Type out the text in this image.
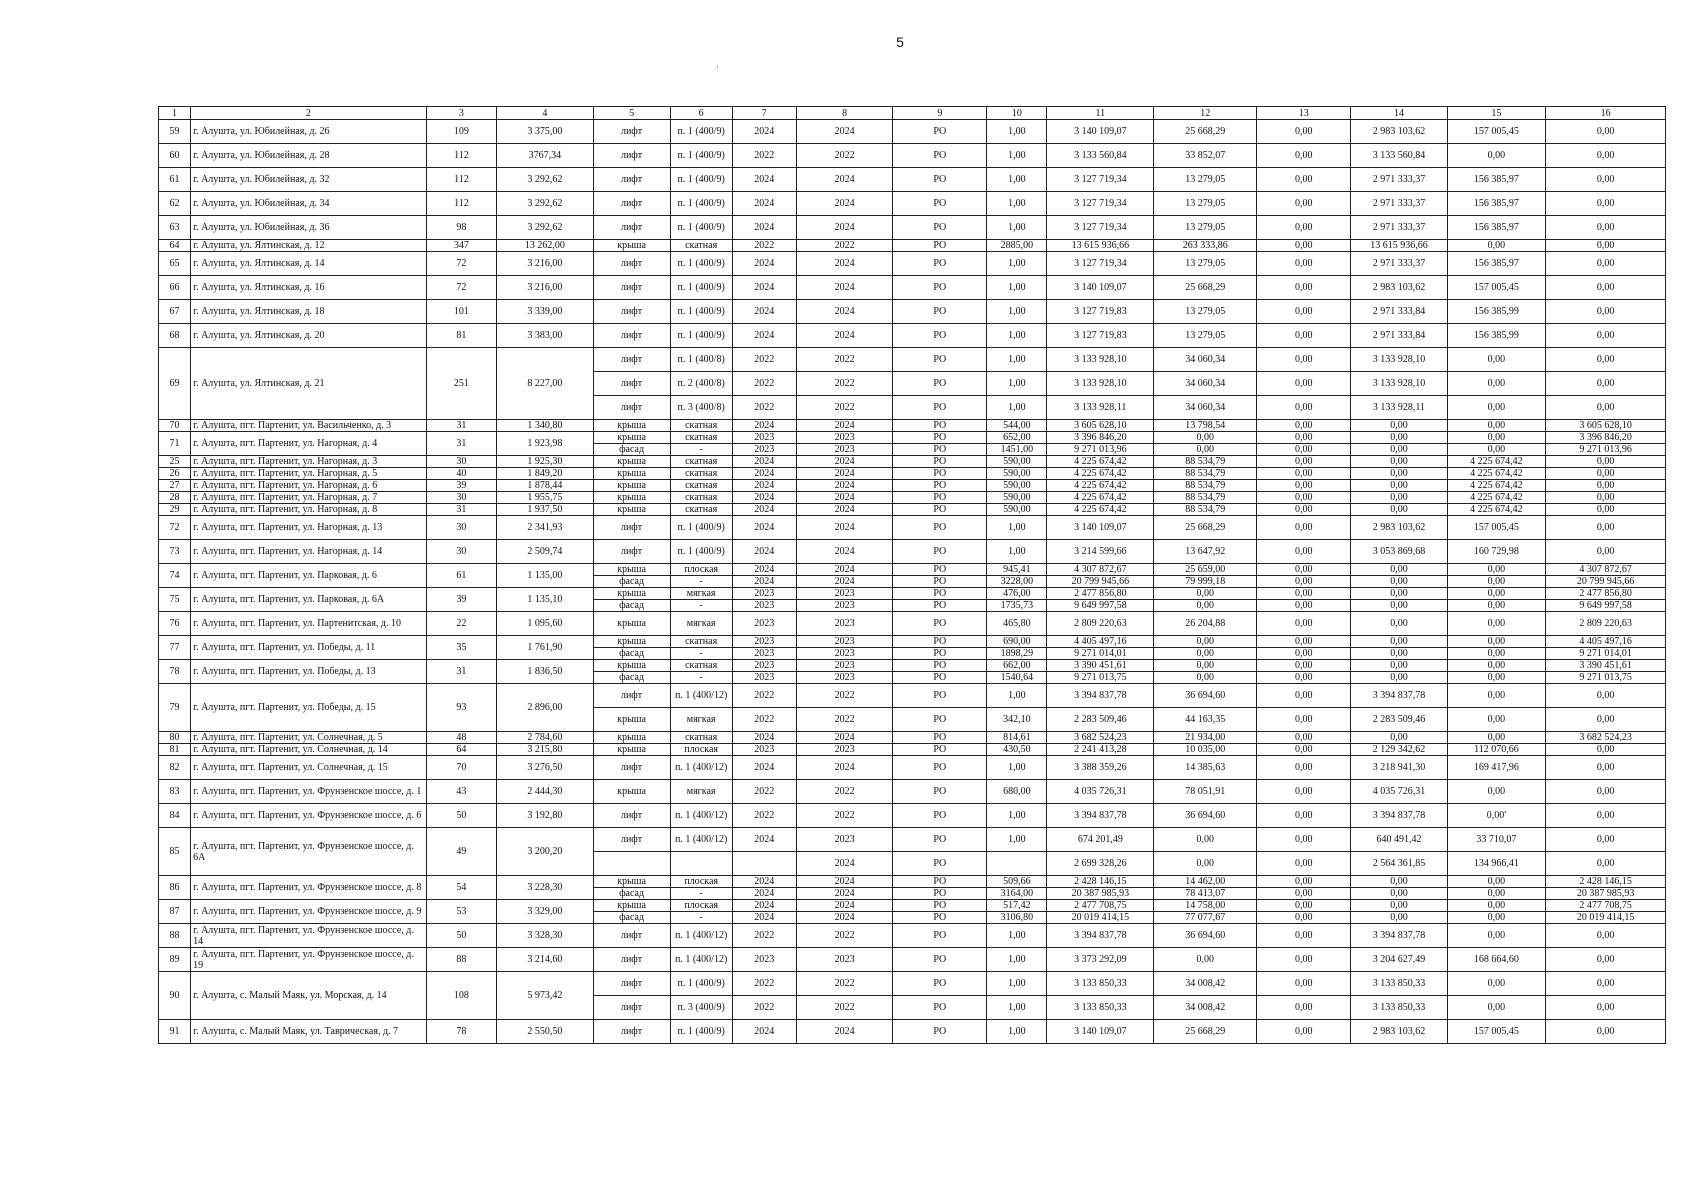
5
·
1	2	3	4	5	6	7	8	9	10	11	12	13	14	15	16
59	г. Алушта, ул. Юбилейная, д. 26	109	3 375,00	лифт	п. 1 (400/9)	2024	2024	РО	1,00	3 140 109,07	25 668,29	0,00	2 983 103,62	157 005,45	0,00
60	г. Алушта, ул. Юбилейная, д. 28	112	3767,34	лифт	п. 1 (400/9)	2022	2022	РО	1,00	3 133 560,84	33 852,07	0,00	3 133 560,84	0,00	0,00
61	г. Алушта, ул. Юбилейная, д. 32	112	3 292,62	лифт	п. 1 (400/9)	2024	2024	РО	1,00	3 127 719,34	13 279,05	0,00	2 971 333,37	156 385,97	0,00
62	г. Алушта, ул. Юбилейная, д. 34	112	3 292,62	лифт	п. 1 (400/9)	2024	2024	РО	1,00	3 127 719,34	13 279,05	0,00	2 971 333,37	156 385,97	0,00
63	г. Алушта, ул. Юбилейная, д. 36	98	3 292,62	лифт	п. 1 (400/9)	2024	2024	РО	1,00	3 127 719,34	13 279,05	0,00	2 971 333,37	156 385,97	0,00
64	г. Алушта, ул. Ялтинская, д. 12	347	13 262,00	крыша	скатная	2022	2022	РО	2885,00	13 615 936,66	263 333,86	0,00	13 615 936,66	0,00	0,00
65	г. Алушта, ул. Ялтинская, д. 14	72	3 216,00	лифт	п. 1 (400/9)	2024	2024	РО	1,00	3 127 719,34	13 279,05	0,00	2 971 333,37	156 385,97	0,00
66	г. Алушта, ул. Ялтинская, д. 16	72	3 216,00	лифт	п. 1 (400/9)	2024	2024	РО	1,00	3 140 109,07	25 668,29	0,00	2 983 103,62	157 005,45	0,00
67	г. Алушта, ул. Ялтинская, д. 18	101	3 339,00	лифт	п. 1 (400/9)	2024	2024	РО	1,00	3 127 719,83	13 279,05	0,00	2 971 333,84	156 385,99	0,00
68	г. Алушта, ул. Ялтинская, д. 20	81	3 383,00	лифт	п. 1 (400/9)	2024	2024	РО	1,00	3 127 719,83	13 279,05	0,00	2 971 333,84	156 385,99	0,00
69	г. Алушта, ул. Ялтинская, д. 21	251	8 227,00	лифт	п. 1 (400/8)	2022	2022	РО	1,00	3 133 928,10	34 060,34	0,00	3 133 928,10	0,00	0,00
				лифт	п. 2 (400/8)	2022	2022	РО	1,00	3 133 928,10	34 060,34	0,00	3 133 928,10	0,00	0,00
				лифт	п. 3 (400/8)	2022	2022	РО	1,00	3 133 928,11	34 060,34	0,00	3 133 928,11	0,00	0,00
70	г. Алушта, пгт. Партенит, ул. Васильченко, д. 3	31	1 340,80	крыша	скатная	2024	2024	РО	544,00	3 605 628,10	13 798,54	0,00	0,00	0,00	3 605 628,10
71	г. Алушта, пгт. Партенит, ул. Нагорная, д. 4	31	1 923,98	крыша	скатная	2023	2023	РО	652,00	3 396 846,20	0,00	0,00	0,00	0,00	3 396 846,20
				фасад	-	2023	2023	РО	1451,00	9 271 013,96	0,00	0,00	0,00	0,00	9 271 013,96
25	г. Алушта, пгт. Партенит, ул. Нагорная, д. 3	30	1 925,30	крыша	скатная	2024	2024	РО	590,00	4 225 674,42	88 534,79	0,00	0,00	4 225 674,42	0,00
26	г. Алушта, пгт. Партенит, ул. Нагорная, д. 5	40	1 849,20	крыша	скатная	2024	2024	РО	590,00	4 225 674,42	88 534,79	0,00	0,00	4 225 674,42	0,00
27	г. Алушта, пгт. Партенит, ул. Нагорная, д. 6	39	1 878,44	крыша	скатная	2024	2024	РО	590,00	4 225 674,42	88 534,79	0,00	0,00	4 225 674,42	0,00
28	г. Алушта, пгт. Партенит, ул. Нагорная, д. 7	30	1 955,75	крыша	скатная	2024	2024	РО	590,00	4 225 674,42	88 534,79	0,00	0,00	4 225 674,42	0,00
29	г. Алушта, пгт. Партенит, ул. Нагорная, д. 8	31	1 937,50	крыша	скатная	2024	2024	РО	590,00	4 225 674,42	88 534,79	0,00	0,00	4 225 674,42	0,00
72	г. Алушта, пгт. Партенит, ул. Нагорная, д. 13	30	2 341,93	лифт	п. 1 (400/9)	2024	2024	РО	1,00	3 140 109,07	25 668,29	0,00	2 983 103,62	157 005,45	0,00
73	г. Алушта, пгт. Партенит, ул. Нагорная, д. 14	30	2 509,74	лифт	п. 1 (400/9)	2024	2024	РО	1,00	3 214 599,66	13 647,92	0,00	3 053 869,68	160 729,98	0,00
74	г. Алушта, пгт. Партенит, ул. Парковая, д. 6	61	1 135,00	крыша	плоская	2024	2024	РО	945,41	4 307 872,67	25 659,00	0,00	0,00	0,00	4 307 872,67
				фасад	-	2024	2024	РО	3228,00	20 799 945,66	79 999,18	0,00	0,00	0,00	20 799 945,66
75	г. Алушта, пгт. Партенит, ул. Парковая, д. 6А	39	1 135,10	крыша	мягкая	2023	2023	РО	476,00	2 477 856,80	0,00	0,00	0,00	0,00	2 477 856,80
				фасад	-	2023	2023	РО	1735,73	9 649 997,58	0,00	0,00	0,00	0,00	9 649 997,58
76	г. Алушта, пгт. Партенит, ул. Партенитская, д. 10	22	1 095,60	крыша	мягкая	2023	2023	РО	465,80	2 809 220,63	26 204,88	0,00	0,00	0,00	2 809 220,63
77	г. Алушта, пгт. Партенит, ул. Победы, д. 11	35	1 761,90	крыша	скатная	2023	2023	РО	690,00	4 405 497,16	0,00	0,00	0,00	0,00	4 405 497,16
				фасад	-	2023	2023	РО	1898,29	9 271 014,01	0,00	0,00	0,00	0,00	9 271 014,01
78	г. Алушта, пгт. Партенит, ул. Победы, д. 13	31	1 836,50	крыша	скатная	2023	2023	РО	662,00	3 390 451,61	0,00	0,00	0,00	0,00	3 390 451,61
				фасад	-	2023	2023	РО	1540,64	9 271 013,75	0,00	0,00	0,00	0,00	9 271 013,75
79	г. Алушта, пгт. Партенит, ул. Победы, д. 15	93	2 896,00	лифт	п. 1 (400/12)	2022	2022	РО	1,00	3 394 837,78	36 694,60	0,00	3 394 837,78	0,00	0,00
				крыша	мягкая	2022	2022	РО	342,10	2 283 509,46	44 163,35	0,00	2 283 509,46	0,00	0,00
80	г. Алушта, пгт. Партенит, ул. Солнечная, д. 5	48	2 784,60	крыша	скатная	2024	2024	РО	814,61	3 682 524,23	21 934,00	0,00	0,00	0,00	3 682 524,23
81	г. Алушта, пгт. Партенит, ул. Солнечная, д. 14	64	3 215,80	крыша	плоская	2023	2023	РО	430,50	2 241 413,28	10 035,00	0,00	2 129 342,62	112 070,66	0,00
82	г. Алушта, пгт. Партенит, ул. Солнечная, д. 15	70	3 276,50	лифт	п. 1 (400/12)	2024	2024	РО	1,00	3 388 359,26	14 385,63	0,00	3 218 941,30	169 417,96	0,00
83	г. Алушта, пгт. Партенит, ул. Фрунзенское шоссе, д. 1	43	2 444,30	крыша	мягкая	2022	2022	РО	680,00	4 035 726,31	78 051,91	0,00	4 035 726,31	0,00	0,00
84	г. Алушта, пгт. Партенит, ул. Фрунзенское шоссе, д. 6	50	3 192,80	лифт	п. 1 (400/12)	2022	2022	РО	1,00	3 394 837,78	36 694,60	0,00	3 394 837,78	0,00'	0,00
85	г. Алушта, пгт. Партенит, ул. Фрунзенское шоссе, д. 6А	49	3 200,20	лифт	п. 1 (400/12)	2024	2023	РО	1,00	674 201,49	0,00	0,00	640 491,42	33 710,07	0,00
							2024	РО		2 699 328,26	0,00	0,00	2 564 361,85	134 966,41	0,00
86	г. Алушта, пгт. Партенит, ул. Фрунзенское шоссе, д. 8	54	3 228,30	крыша	плоская	2024	2024	РО	509,66	2 428 146,15	14 462,00	0,00	0,00	0,00	2 428 146,15
				фасад	-	2024	2024	РО	3164,00	20 387 985,93	78 413,07	0,00	0,00	0,00	20 387 985,93
87	г. Алушта, пгт. Партенит, ул. Фрунзенское шоссе, д. 9	53	3 329,00	крыша	плоская	2024	2024	РО	517,42	2 477 708,75	14 758,00	0,00	0,00	0,00	2 477 708,75
				фасад	-	2024	2024	РО	3106,80	20 019 414,15	77 077,67	0,00	0,00	0,00	20 019 414,15
88	г. Алушта, пгт. Партенит, ул. Фрунзенское шоссе, д. 14	50	3 328,30	лифт	п. 1 (400/12)	2022	2022	РО	1,00	3 394 837,78	36 694,60	0,00	3 394 837,78	0,00	0,00
89	г. Алушта, пгт. Партенит, ул. Фрунзенское шоссе, д. 19	88	3 214,60	лифт	п. 1 (400/12)	2023	2023	РО	1,00	3 373 292,09	0,00	0,00	3 204 627,49	168 664,60	0,00
90	г. Алушта, с. Малый Маяк, ул. Морская, д. 14	108	5 973,42	лифт	п. 1 (400/9)	2022	2022	РО	1,00	3 133 850,33	34 008,42	0,00	3 133 850,33	0,00	0,00
				лифт	п. 3 (400/9)	2022	2022	РО	1,00	3 133 850,33	34 008,42	0,00	3 133 850,33	0,00	0,00
91	г. Алушта, с. Малый Маяк, ул. Таврическая, д. 7	78	2 550,50	лифт	п. 1 (400/9)	2024	2024	РО	1,00	3 140 109,07	25 668,29	0,00	2 983 103,62	157 005,45	0,00
